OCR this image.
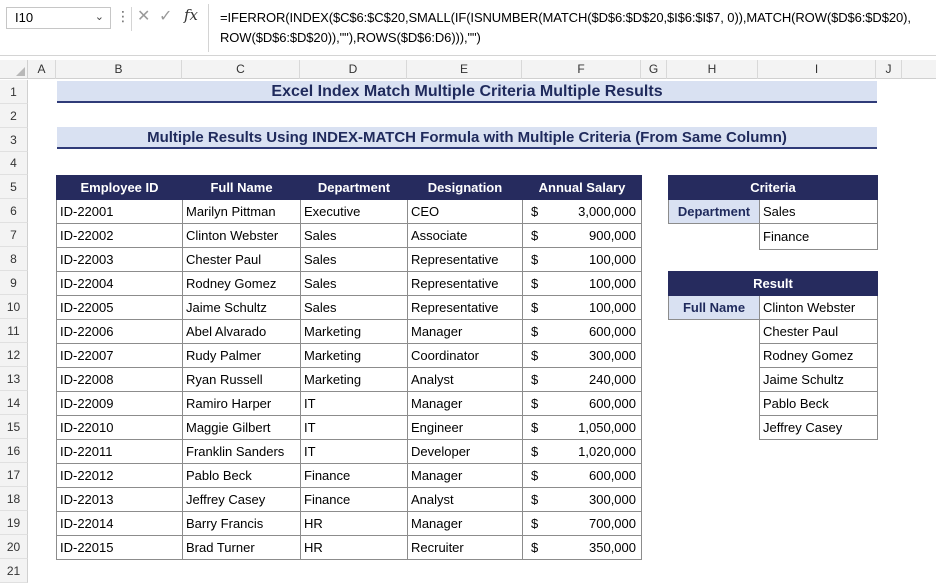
I10	⌄ ⋮ ✕ ✓ fx =IFERROR(INDEX($C$6:$C$20,SMALL(IF(ISNUMBER(MATCH($D$6:$D$20,$I$6:$I$7, 0)),MATCH(ROW($D$6:$D$20),
ROW($D$6:$D$20)),""),ROWS($D$6:D6))),"")
A	B	C	D	E	F	G	H	I	J
1
2
3
4
5
6
7
8
9
10
11
12
13
14
15
16
17
18
19
20
21
Excel Index Match Multiple Criteria Multiple Results
Multiple Results Using INDEX-MATCH Formula with Multiple Criteria (From Same Column)
Employee ID	Full Name	Department	Designation	Annual Salary
ID-22001	Marilyn Pittman	Executive	CEO	$ 3,000,000

ID-22002	Clinton Webster	Sales	Associate	$ 900,000

ID-22003	Chester Paul	Sales	Representative	$ 100,000

ID-22004	Rodney Gomez	Sales	Representative	$ 100,000

ID-22005	Jaime Schultz	Sales	Representative	$ 100,000

ID-22006	Abel Alvarado	Marketing	Manager	$ 600,000

ID-22007	Rudy Palmer	Marketing	Coordinator	$ 300,000

ID-22008	Ryan Russell	Marketing	Analyst	$ 240,000

ID-22009	Ramiro Harper	IT	Manager	$ 600,000

ID-22010	Maggie Gilbert	IT	Engineer	$ 1,050,000

ID-22011	Franklin Sanders	IT	Developer	$ 1,020,000

ID-22012	Pablo Beck	Finance	Manager	$ 600,000

ID-22013	Jeffrey Casey	Finance	Analyst	$ 300,000

ID-22014	Barry Francis	HR	Manager	$ 700,000

ID-22015	Brad Turner	HR	Recruiter	$ 350,000
Criteria	
Department	Sales
	Finance
Result	
Full Name	Clinton Webster
	Chester Paul
	Rodney Gomez
	Jaime Schultz
	Pablo Beck
	Jeffrey Casey
